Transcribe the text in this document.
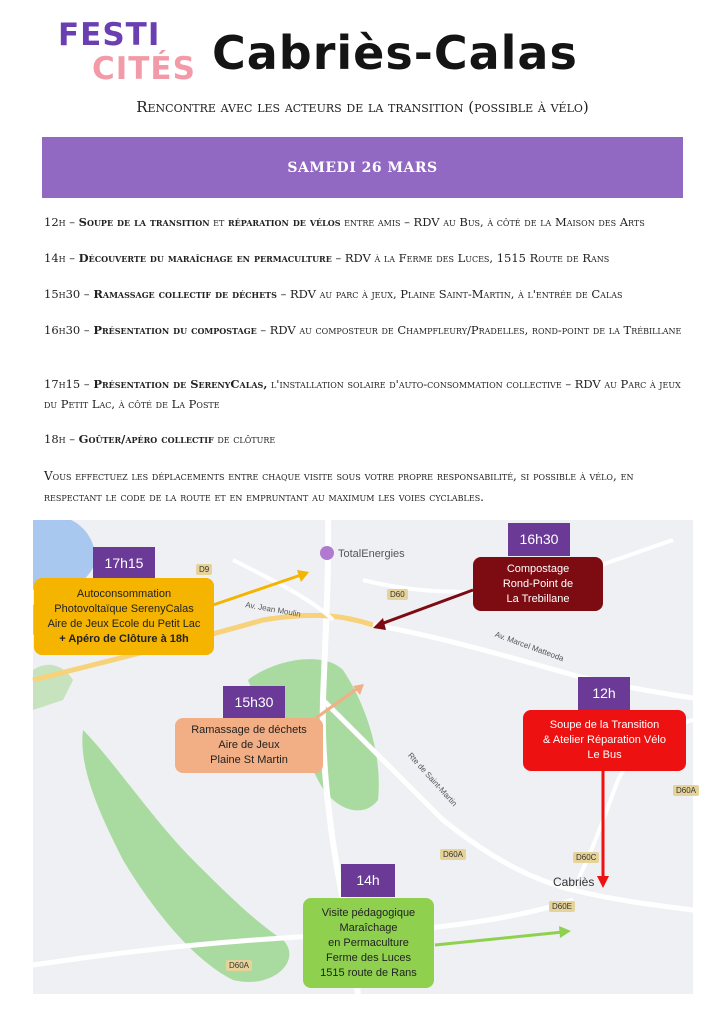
FESTI
CITÉS Cabriès-Calas
Rencontre avec les acteurs de la transition (possible à vélo)
SAMEDI 26 MARS
12h – Soupe de la transition et réparation de vélos entre amis – RDV au Bus, à côté de la Maison des Arts
14h – Découverte du maraîchage en permaculture – RDV à la Ferme des Luces, 1515 Route de Rans
15h30 – Ramassage collectif de déchets – RDV au parc à jeux, Plaine Saint-Martin, à l'entrée de Calas
16h30 – Présentation du compostage – RDV au composteur de Champfleury/Pradelles, rond-point de la Trébillane
17h15 – Présentation de SerenyCalas, l'installation solaire d'auto-consommation collective – RDV au Parc à jeux du Petit Lac, à côté de La Poste
18h – Goûter/apéro collectif de clôture
Vous effectuez les déplacements entre chaque visite sous votre propre responsabilité, si possible à vélo, en respectant le code de la route et en empruntant au maximum les voies cyclables.
TotalEnergies
Av. Jean Moulin
Av. Marcel Matteoda
Rte de Saint-Martin
Cabriès
D9
D60
D60A
D60A
D60A
D60C
D60E
17h15
Autoconsommation
Photovoltaïque SerenyCalas
Aire de Jeux Ecole du Petit Lac
+ Apéro de Clôture à 18h
16h30
Compostage
Rond-Point de
La Trebillane
15h30
Ramassage de déchets
Aire de Jeux
Plaine St Martin
12h
Soupe de la Transition
& Atelier Réparation Vélo
Le Bus
14h
Visite pédagogique
Maraîchage
en Permaculture
Ferme des Luces
1515 route de Rans
